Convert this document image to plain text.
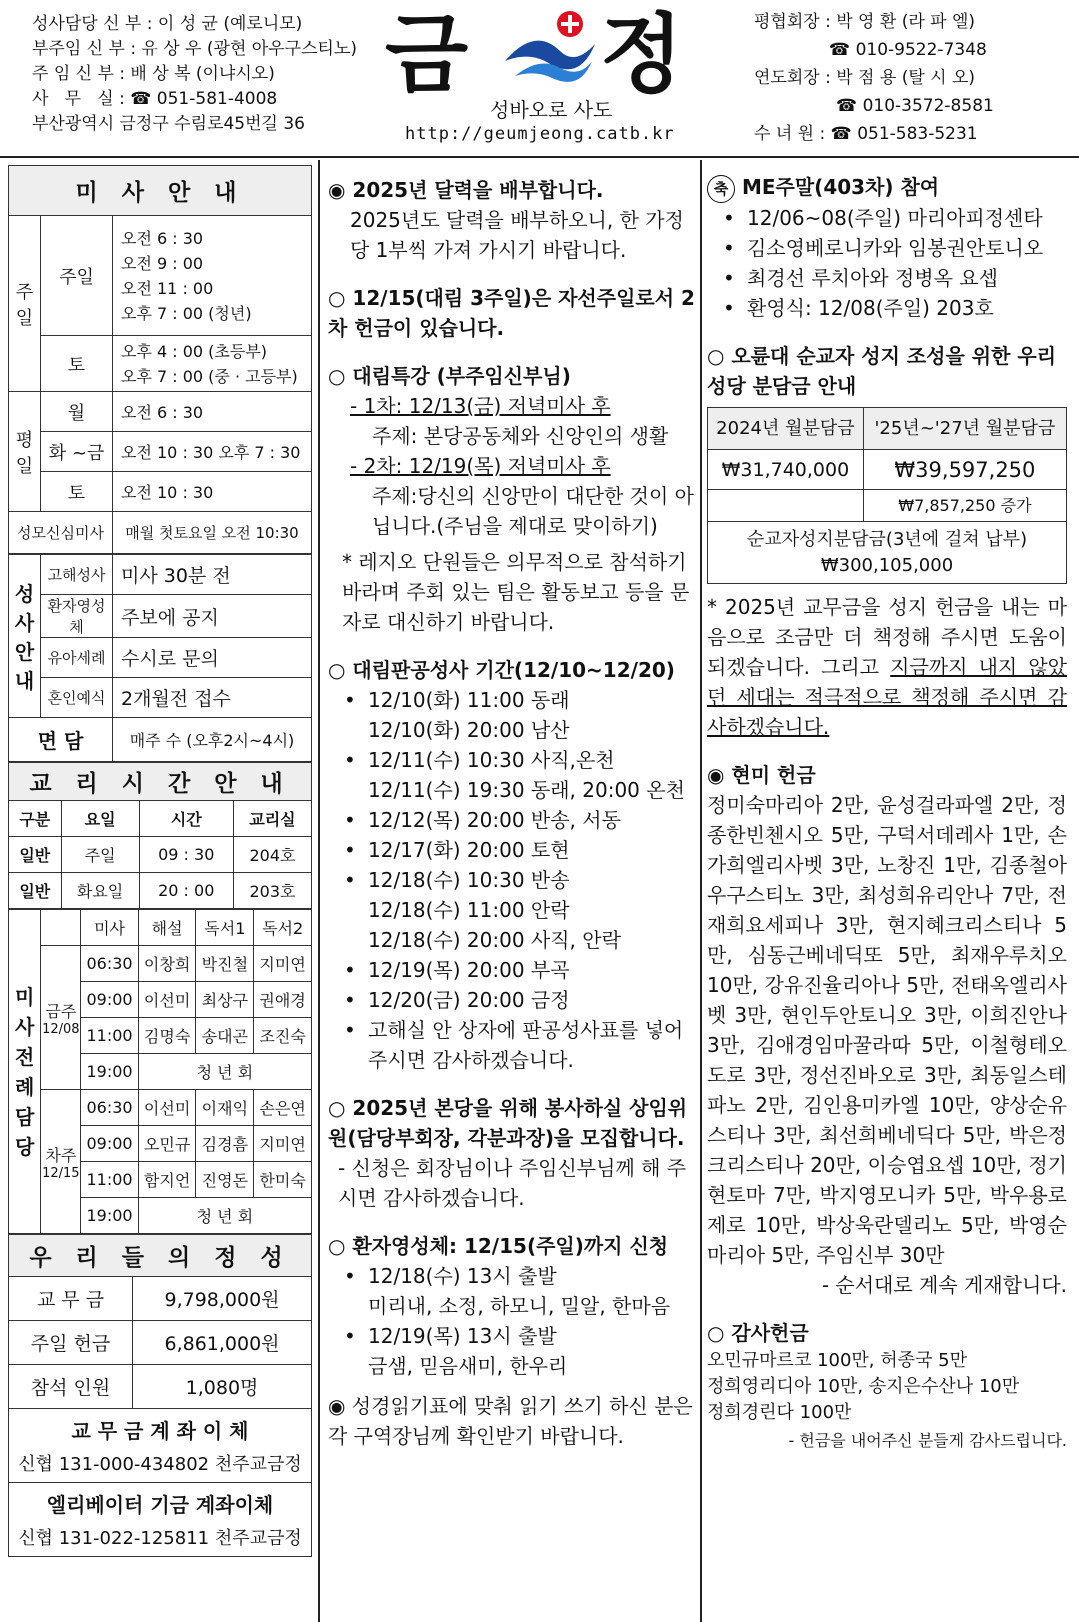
성사담당 신 부 : 이 성 균 (예로니모)
부주임 신 부 : 유 상 우 (광현 아우구스티노)
주 임 신 부 : 배 상 복 (이냐시오)
사   무   실 : ☎ 051-581-4008
부산광역시 금정구 수림로45번길 36
금 정
성바오로 사도
http://geumjeong.catb.kr
평협회장 : 박 영 환 (라 파 엘)
☎ 010-9522-7348
연도회장 : 박 점 용 (탈 시 오)
☎ 010-3572-8581
수 녀 원 : ☎ 051-583-5231
미 사 안 내		
주일	주일	오전 6 : 30
오전 9 : 00
오전 11 : 00
오후 7 : 00 (청년)

	토	오후 4 : 00 (초등부)
오후 7 : 00 (중 · 고등부)

평일	월	오전 6 : 30
	화 ~금	오전 10 : 30 오후 7 : 30
	토	오전 10 : 30
성모신심미사		매월 첫토요일 오전 10:30
성사안내	고해성사	미사 30분 전
	환자영성체	주보에 공지
	유아세례	수시로 문의
	혼인예식	2개월전 접수
면 담		매주 수 (오후2시~4시)
교 리 시 간 안 내			
구분	요일	시간	교리실
일반	주일	09 : 30	204호
일반	화요일	20 : 00	203호
미사전례담당		미사	해설	독서1	독서2

	금주
12/08	06:30	이창희	박진철	지미연
		09:00	이선미	최상구	권애경
		11:00	김명숙	송대곤	조진숙
		19:00	청 년 회		

	차주
12/15	06:30	이선미	이재익	손은연
		09:00	오민규	김경흠	지미연
		11:00	함지언	진영돈	한미숙
		19:00	청 년 회		
우 리 들 의 정 성	
교 무 금	9,798,000원
주일 헌금	6,861,000원
참석 인원	1,080명

교 무 금 계 좌 이 체
신협 131-000-434802 천주교금정	

엘리베이터 기금 계좌이체
신협 131-022-125811 천주교금정	
◉ 2025년 달력을 배부합니다.
2025년도 달력을 배부하오니, 한 가정 당 1부씩 가져 가시기 바랍니다.
○ 12/15(대림 3주일)은 자선주일로서 2차 헌금이 있습니다.
○ 대림특강 (부주임신부님)
- 1차: 12/13(금) 저녁미사 후
주제: 본당공동체와 신앙인의 생활
- 2차: 12/19(목) 저녁미사 후
주제:당신의 신앙만이 대단한 것이 아닙니다.(주님을 제대로 맞이하기)
* 레지오 단원들은 의무적으로 참석하기 바라며 주회 있는 팀은 활동보고 등을 문자로 대신하기 바랍니다.
○ 대림판공성사 기간(12/10~12/20)
• 12/10(화) 11:00 동래
12/10(화) 20:00 남산
• 12/11(수) 10:30 사직,온천
12/11(수) 19:30 동래, 20:00 온천
• 12/12(목) 20:00 반송, 서동
• 12/17(화) 20:00 토현
• 12/18(수) 10:30 반송
12/18(수) 11:00 안락
12/18(수) 20:00 사직, 안락
• 12/19(목) 20:00 부곡
• 12/20(금) 20:00 금정
• 고해실 안 상자에 판공성사표를 넣어 주시면 감사하겠습니다.
○ 2025년 본당을 위해 봉사하실 상임위원(담당부회장, 각분과장)을 모집합니다.
- 신청은 회장님이나 주임신부님께 해 주시면 감사하겠습니다.
○ 환자영성체: 12/15(주일)까지 신청
• 12/18(수) 13시 출발
미리내, 소정, 하모니, 밀알, 한마음
• 12/19(목) 13시 출발
금샘, 믿음새미, 한우리
◉ 성경읽기표에 맞춰 읽기 쓰기 하신 분은 각 구역장님께 확인받기 바랍니다.
축 ME주말(403차) 참여
• 12/06~08(주일) 마리아피정센타
• 김소영베로니카와 임봉권안토니오
• 최경선 루치아와 정병옥 요셉
• 환영식: 12/08(주일) 203호
○ 오륜대 순교자 성지 조성을 위한 우리 성당 분담금 안내
2024년 월분담금	'25년~'27년 월분담금
₩31,740,000	₩39,597,250
	₩7,857,250 증가
순교자성지분담금(3년에 걸쳐 납부)
₩300,105,000	
* 2025년 교무금을 성지 헌금을 내는 마음으로 조금만 더 책정해 주시면 도움이 되겠습니다. 그리고 지금까지 내지 않았던 세대는 적극적으로 책정해 주시면 감사하겠습니다.
◉ 현미 헌금
정미숙마리아 2만, 윤성걸라파엘 2만, 정종한빈첸시오 5만, 구덕서데레사 1만, 손가희엘리사벳 3만, 노창진 1만, 김종철아우구스티노 3만, 최성희유리안나 7만, 전재희요세피나 3만, 현지혜크리스티나 5만, 심동근베네딕또 5만, 최재우루치오 10만, 강유진율리아나 5만, 전태옥엘리사벳 3만, 현인두안토니오 3만, 이희진안나 3만, 김애경임마꿀라따 5만, 이철형테오도로 3만, 정선진바오로 3만, 최동일스테파노 2만, 김인용미카엘 10만, 양상순유스티나 3만, 최선희베네딕다 5만, 박은정크리스티나 20만, 이승엽요셉 10만, 정기현토마 7만, 박지영모니카 5만, 박우용로제로 10만, 박상욱란델리노 5만, 박영순마리아 5만, 주임신부 30만
- 순서대로 계속 게재합니다.
○ 감사헌금
오민규마르코 100만, 허종국 5만
정희영리디아 10만, 송지은수산나 10만
정희경린다 100만
- 헌금을 내어주신 분들게 감사드립니다.
